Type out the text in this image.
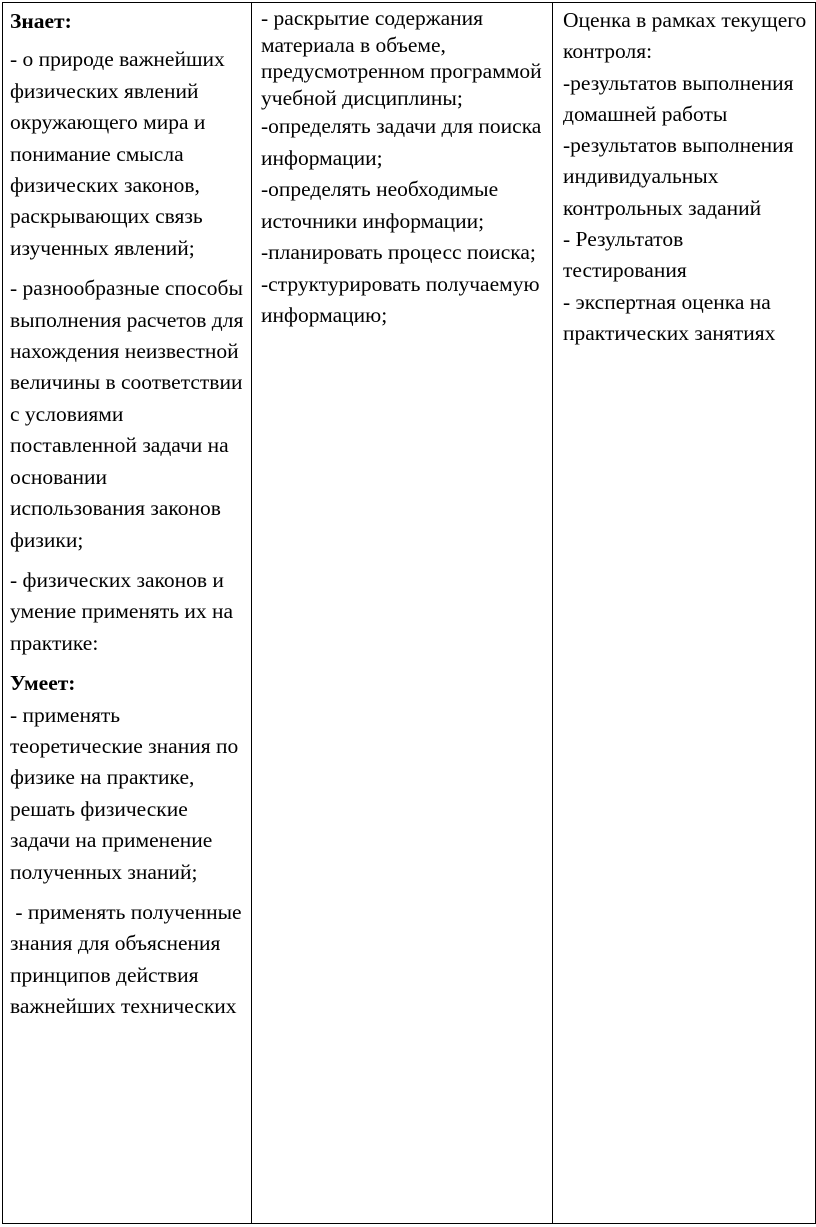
Знает:
- о природе важнейших физических явлений окружающего мира и понимание смысла физических законов, раскрывающих связь изученных явлений;
- разнообразные способы выполнения расчетов для нахождения неизвестной величины в соответствии с условиями поставленной задачи на основании использования законов физики;
- физических законов и умение применять их на практике:
Умеет:
- применять теоретические знания по физике на практике, решать физические задачи на применение полученных знаний;
- применять полученные знания для объяснения принципов действия важнейших технических

- раскрытие содержания материала в объеме, предусмотренном программой учебной дисциплины;
-определять задачи для поиска информации;
-определять необходимые источники информации;
-планировать процесс поиска;
-структурировать получаемую информацию;

Оценка в рамках текущего контроля:
-результатов выполнения домашней работы
-результатов выполнения индивидуальных контрольных заданий
- Результатов тестирования
- экспертная оценка на практических занятиях
